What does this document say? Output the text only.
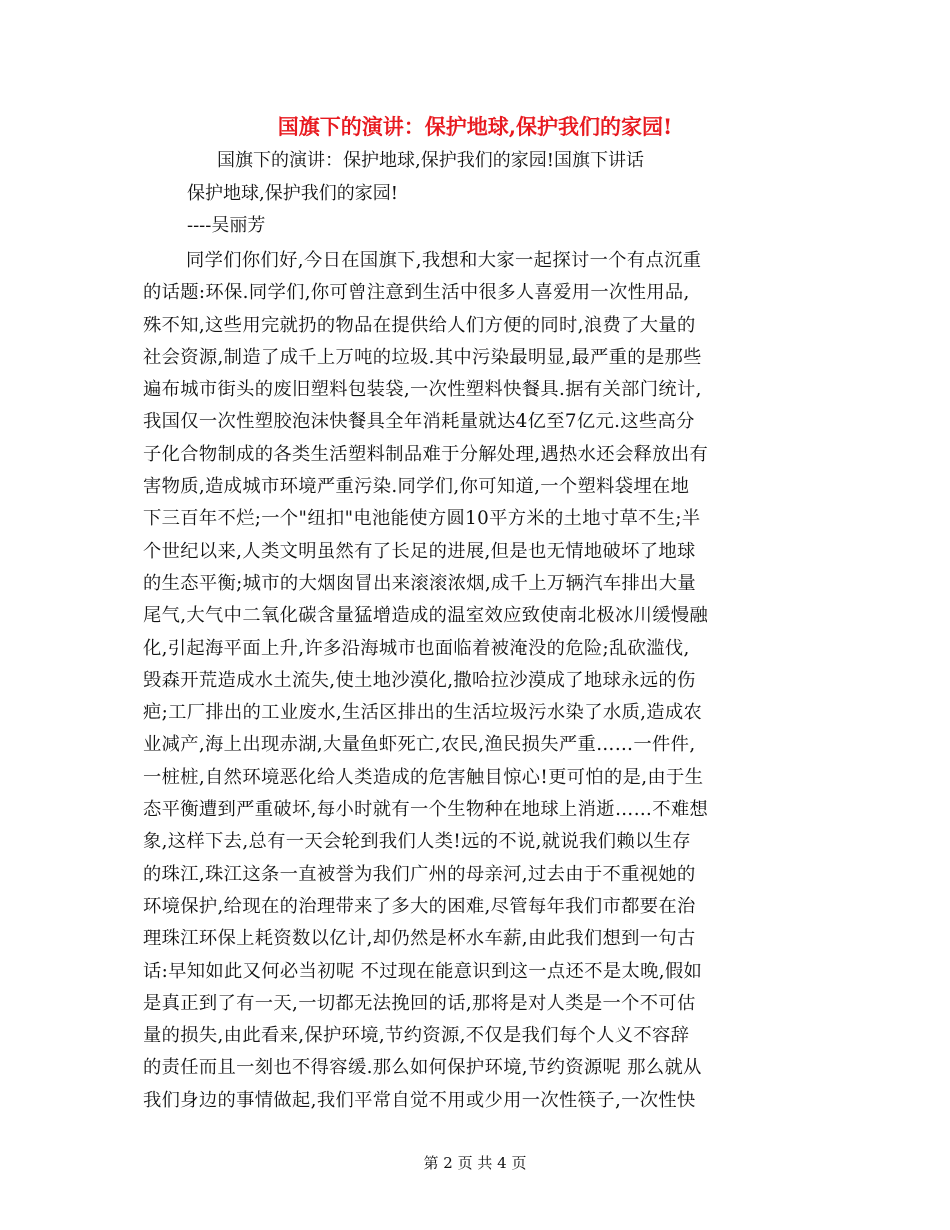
国旗下的演讲：保护地球,保护我们的家园!
国旗下的演讲：保护地球,保护我们的家园!国旗下讲话
保护地球,保护我们的家园!
----吴丽芳
同学们你们好,今日在国旗下,我想和大家一起探讨一个有点沉重
的话题:环保.同学们,你可曾注意到生活中很多人喜爱用一次性用品,
殊不知,这些用完就扔的物品在提供给人们方便的同时,浪费了大量的
社会资源,制造了成千上万吨的垃圾.其中污染最明显,最严重的是那些
遍布城市街头的废旧塑料包装袋,一次性塑料快餐具.据有关部门统计,
我国仅一次性塑胶泡沫快餐具全年消耗量就达4亿至7亿元.这些高分
子化合物制成的各类生活塑料制品难于分解处理,遇热水还会释放出有
害物质,造成城市环境严重污染.同学们,你可知道,一个塑料袋埋在地
下三百年不烂;一个"纽扣"电池能使方圆10平方米的土地寸草不生;半
个世纪以来,人类文明虽然有了长足的进展,但是也无情地破坏了地球
的生态平衡;城市的大烟囱冒出来滚滚浓烟,成千上万辆汽车排出大量
尾气,大气中二氧化碳含量猛增造成的温室效应致使南北极冰川缓慢融
化,引起海平面上升,许多沿海城市也面临着被淹没的危险;乱砍滥伐,
毁森开荒造成水土流失,使土地沙漠化,撒哈拉沙漠成了地球永远的伤
疤;工厂排出的工业废水,生活区排出的生活垃圾污水染了水质,造成农
业减产,海上出现赤湖,大量鱼虾死亡,农民,渔民损失严重……一件件,
一桩桩,自然环境恶化给人类造成的危害触目惊心!更可怕的是,由于生
态平衡遭到严重破坏,每小时就有一个生物种在地球上消逝……不难想
象,这样下去,总有一天会轮到我们人类!远的不说,就说我们赖以生存
的珠江,珠江这条一直被誉为我们广州的母亲河,过去由于不重视她的
环境保护,给现在的治理带来了多大的困难,尽管每年我们市都要在治
理珠江环保上耗资数以亿计,却仍然是杯水车薪,由此我们想到一句古
话:早知如此又何必当初呢 不过现在能意识到这一点还不是太晚,假如
是真正到了有一天,一切都无法挽回的话,那将是对人类是一个不可估
量的损失,由此看来,保护环境,节约资源,不仅是我们每个人义不容辞
的责任而且一刻也不得容缓.那么如何保护环境,节约资源呢 那么就从
我们身边的事情做起,我们平常自觉不用或少用一次性筷子,一次性快
第 2 页 共 4 页
